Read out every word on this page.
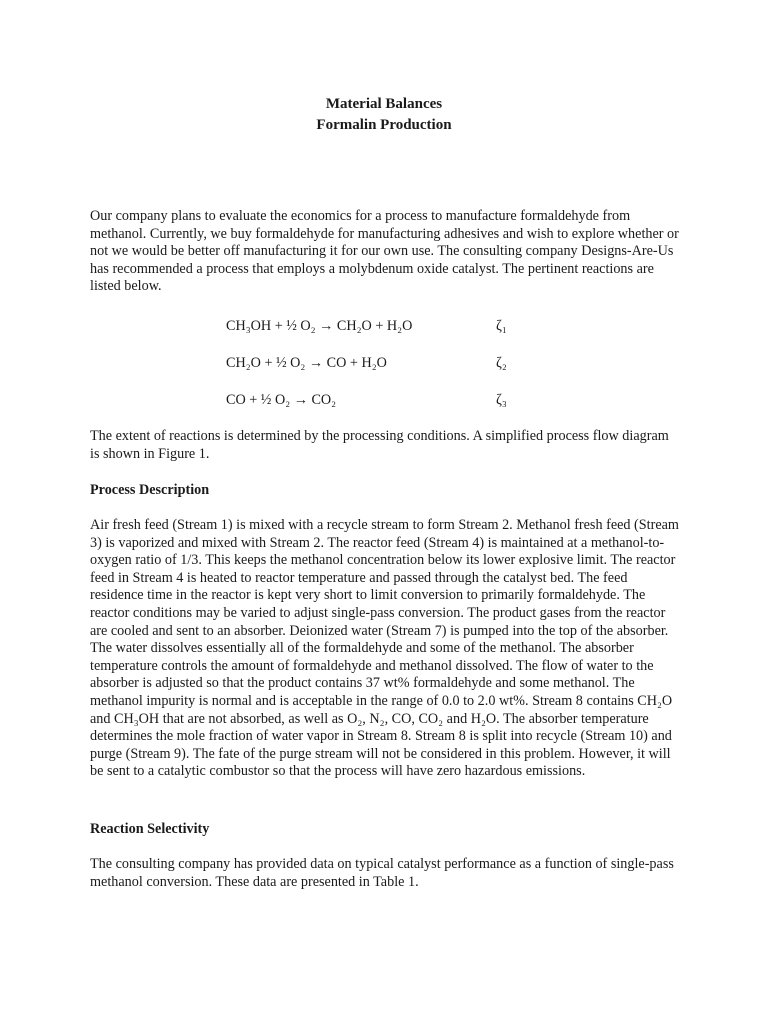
Material Balances
Formalin Production

Our company plans to evaluate the economics for a process to manufacture formaldehyde from methanol. Currently, we buy formaldehyde for manufacturing adhesives and wish to explore whether or not we would be better off manufacturing it for our own use. The consulting company Designs-Are-Us has recommended a process that employs a molybdenum oxide catalyst. The pertinent reactions are listed below.

CH₃OH + ½ O₂ → CH₂O + H₂O	ζ₁
CH₂O + ½ O₂ → CO + H₂O	ζ₂
CO + ½ O₂ → CO₂	ζ₃

The extent of reactions is determined by the processing conditions. A simplified process flow diagram is shown in Figure 1.

Process Description

Air fresh feed (Stream 1) is mixed with a recycle stream to form Stream 2. Methanol fresh feed (Stream 3) is vaporized and mixed with Stream 2. The reactor feed (Stream 4) is maintained at a methanol-to-oxygen ratio of 1/3. This keeps the methanol concentration below its lower explosive limit. The reactor feed in Stream 4 is heated to reactor temperature and passed through the catalyst bed. The feed residence time in the reactor is kept very short to limit conversion to primarily formaldehyde. The reactor conditions may be varied to adjust single-pass conversion. The product gases from the reactor are cooled and sent to an absorber. Deionized water (Stream 7) is pumped into the top of the absorber. The water dissolves essentially all of the formaldehyde and some of the methanol. The absorber temperature controls the amount of formaldehyde and methanol dissolved. The flow of water to the absorber is adjusted so that the product contains 37 wt% formaldehyde and some methanol. The methanol impurity is normal and is acceptable in the range of 0.0 to 2.0 wt%. Stream 8 contains CH₂O and CH₃OH that are not absorbed, as well as O₂, N₂, CO, CO₂ and H₂O. The absorber temperature determines the mole fraction of water vapor in Stream 8. Stream 8 is split into recycle (Stream 10) and purge (Stream 9). The fate of the purge stream will not be considered in this problem. However, it will be sent to a catalytic combustor so that the process will have zero hazardous emissions.

Reaction Selectivity

The consulting company has provided data on typical catalyst performance as a function of single-pass methanol conversion. These data are presented in Table 1.
